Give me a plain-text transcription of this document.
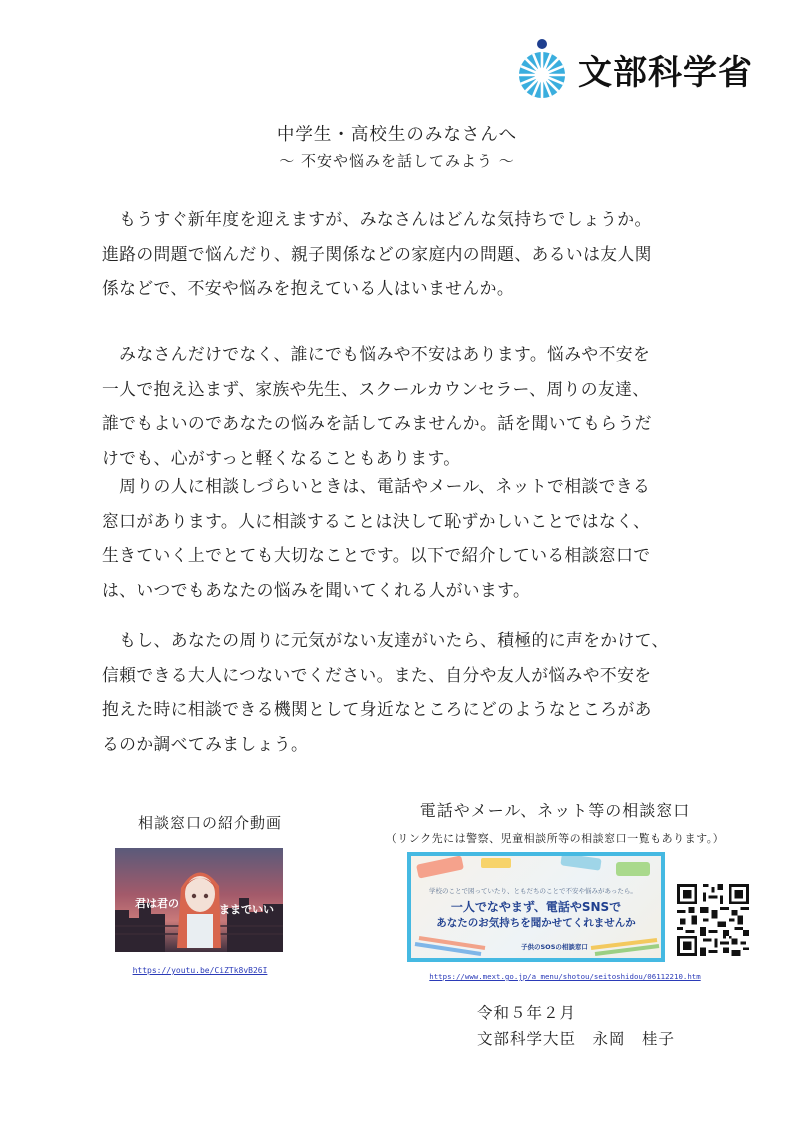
文部科学省
中学生・高校生のみなさんへ
～ 不安や悩みを話してみよう ～
　もうすぐ新年度を迎えますが、みなさんはどんな気持ちでしょうか。
進路の問題で悩んだり、親子関係などの家庭内の問題、あるいは友人関
係などで、不安や悩みを抱えている人はいませんか。
　みなさんだけでなく、誰にでも悩みや不安はあります。悩みや不安を
一人で抱え込まず、家族や先生、スクールカウンセラー、周りの友達、
誰でもよいのであなたの悩みを話してみませんか。話を聞いてもらうだ
けでも、心がすっと軽くなることもあります。
　周りの人に相談しづらいときは、電話やメール、ネットで相談できる
窓口があります。人に相談することは決して恥ずかしいことではなく、
生きていく上でとても大切なことです。以下で紹介している相談窓口で
は、いつでもあなたの悩みを聞いてくれる人がいます。
　もし、あなたの周りに元気がない友達がいたら、積極的に声をかけて、
信頼できる大人につないでください。また、自分や友人が悩みや不安を
抱えた時に相談できる機関として身近なところにどのようなところがあ
るのか調べてみましょう。
相談窓口の紹介動画
君は君の	ままでいい
https://youtu.be/CiZTk8vB26I
電話やメール、ネット等の相談窓口
（リンク先には警察、児童相談所等の相談窓口一覧もあります。）
学校のことで困っていたり、ともだちのことで不安や悩みがあったら。
一人でなやまず、電話やSNSで
あなたのお気持ちを聞かせてくれませんか
子供のSOSの相談窓口
https://www.mext.go.jp/a_menu/shotou/seitoshidou/06112210.htm
令和５年２月
文部科学大臣　永岡　桂子
